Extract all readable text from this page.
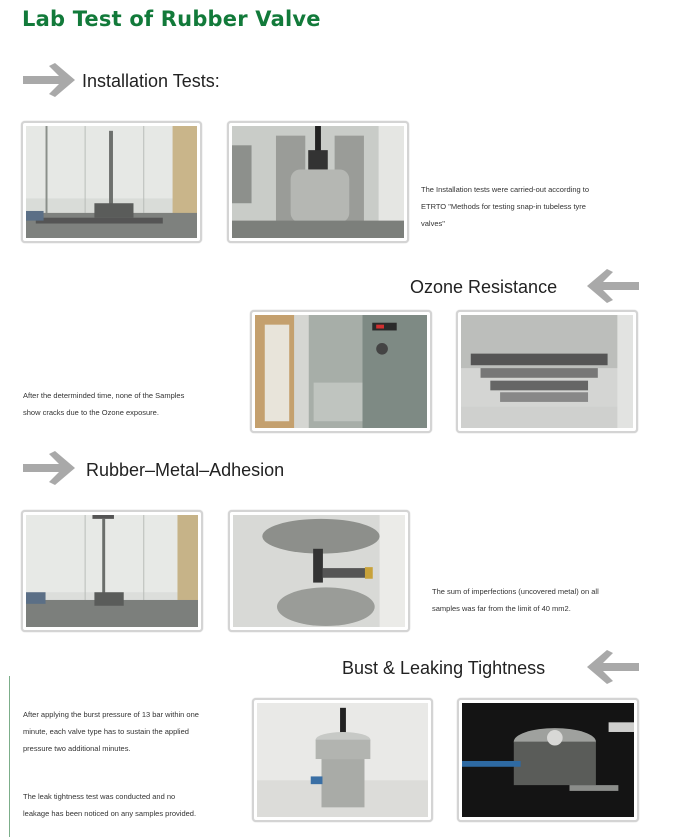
Lab Test of Rubber Valve
Installation Tests:
The Installation tests were carried-out according to
ETRTO "Methods for testing snap-in tubeless tyre
valves"
Ozone Resistance
After the determinded time, none of the Samples
show cracks due to the Ozone exposure.
Rubber–Metal–Adhesion
The sum of imperfections (uncovered metal) on all
samples was far from the limit of 40 mm2.
Bust & Leaking Tightness
After applying the burst pressure of 13 bar within one
minute, each valve type has to sustain the applied
pressure two additional minutes.
The leak tightness test was conducted and no
leakage has been noticed on any samples provided.
